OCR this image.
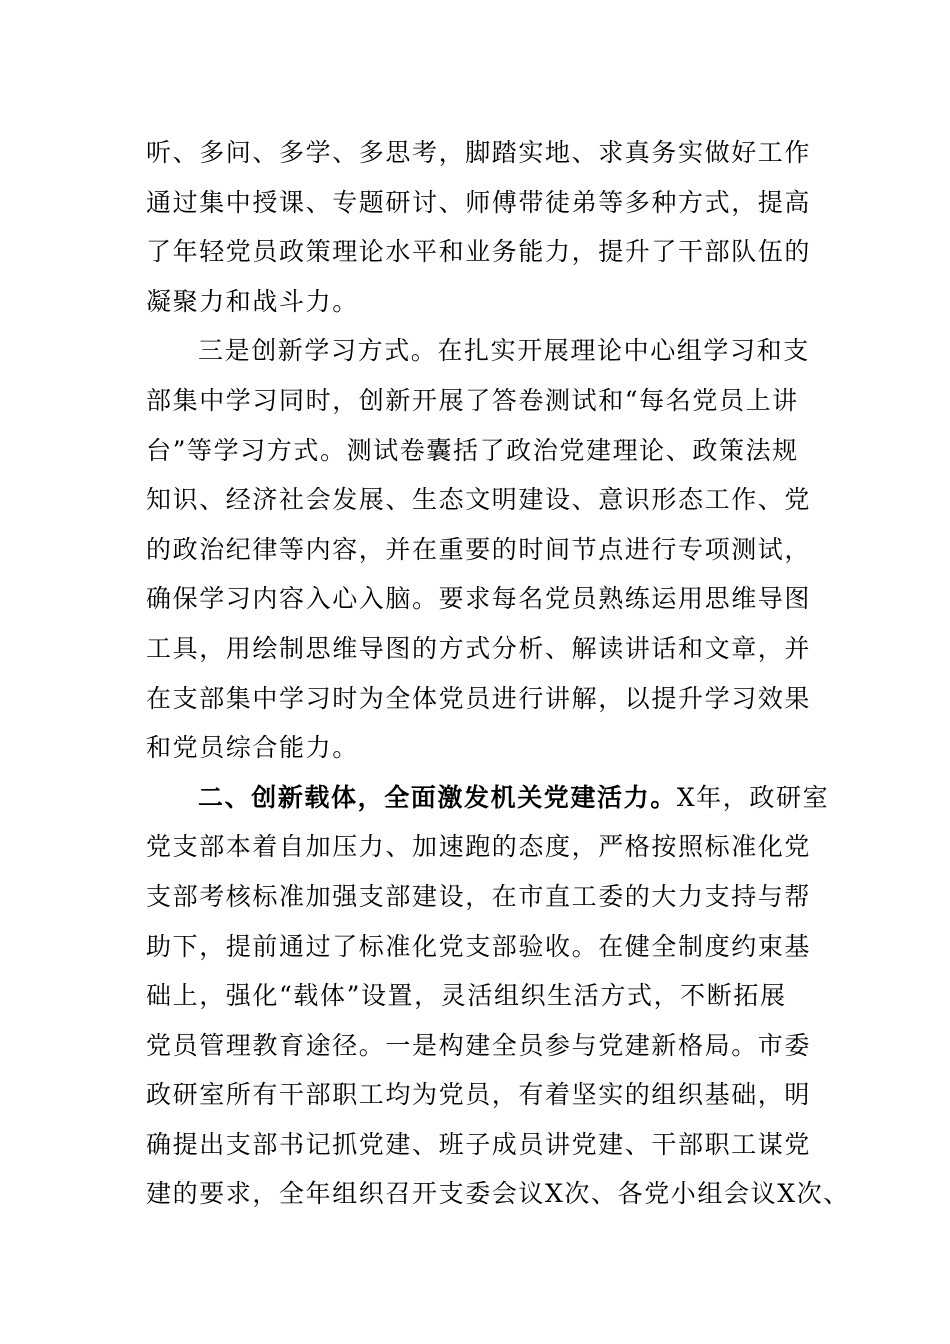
听、多问、多学、多思考，脚踏实地、求真务实做好工作
通过集中授课、专题研讨、师傅带徒弟等多种方式，提高
了年轻党员政策理论水平和业务能力，提升了干部队伍的
凝聚力和战斗力。
三是创新学习方式。在扎实开展理论中心组学习和支
部集中学习同时，创新开展了答卷测试和“每名党员上讲
台”等学习方式。测试卷囊括了政治党建理论、政策法规
知识、经济社会发展、生态文明建设、意识形态工作、党
的政治纪律等内容，并在重要的时间节点进行专项测试，
确保学习内容入心入脑。要求每名党员熟练运用思维导图
工具，用绘制思维导图的方式分析、解读讲话和文章，并
在支部集中学习时为全体党员进行讲解，以提升学习效果
和党员综合能力。
二、创新载体，全面激发机关党建活力。X年，政研室
党支部本着自加压力、加速跑的态度，严格按照标准化党
支部考核标准加强支部建设，在市直工委的大力支持与帮
助下，提前通过了标准化党支部验收。在健全制度约束基
础上，强化“载体”设置，灵活组织生活方式，不断拓展
党员管理教育途径。一是构建全员参与党建新格局。市委
政研室所有干部职工均为党员，有着坚实的组织基础，明
确提出支部书记抓党建、班子成员讲党建、干部职工谋党
建的要求，全年组织召开支委会议X次、各党小组会议X次、
